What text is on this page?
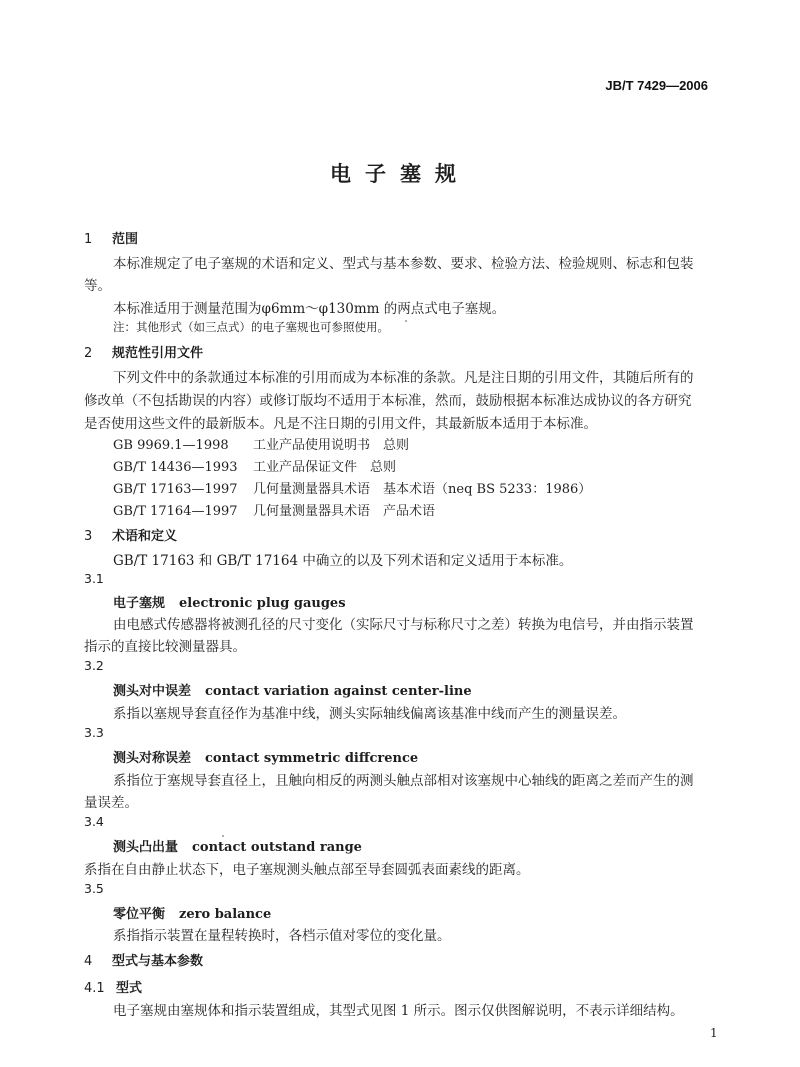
JB/T 7429—2006
电子塞规
1 范围
本标准规定了电子塞规的术语和定义、型式与基本参数、要求、检验方法、检验规则、标志和包装
等。
本标准适用于测量范围为φ6mm～φ130mm 的两点式电子塞规。
注：其他形式（如三点式）的电子塞规也可参照使用。
2 规范性引用文件
下列文件中的条款通过本标准的引用而成为本标准的条款。凡是注日期的引用文件，其随后所有的
修改单（不包括勘误的内容）或修订版均不适用于本标准，然而，鼓励根据本标准达成协议的各方研究
是否使用这些文件的最新版本。凡是不注日期的引用文件，其最新版本适用于本标准。
GB 9969.1—1998 工业产品使用说明书　总则
GB/T 14436—1993 工业产品保证文件　总则
GB/T 17163—1997 几何量测量器具术语　基本术语（neq BS 5233：1986）
GB/T 17164—1997 几何量测量器具术语　产品术语
3 术语和定义
GB/T 17163 和 GB/T 17164 中确立的以及下列术语和定义适用于本标准。
3.1
电子塞规 electronic plug gauges
由电感式传感器将被测孔径的尺寸变化（实际尺寸与标称尺寸之差）转换为电信号，并由指示装置
指示的直接比较测量器具。
3.2
测头对中误差 contact variation against center-line
系指以塞规导套直径作为基准中线，测头实际轴线偏离该基准中线而产生的测量误差。
3.3
测头对称误差 contact symmetric diffcrence
系指位于塞规导套直径上，且触向相反的两测头触点部相对该塞规中心轴线的距离之差而产生的测
量误差。
3.4
测头凸出量 contact outstand range
系指在自由静止状态下，电子塞规测头触点部至导套圆弧表面素线的距离。
3.5
零位平衡 zero balance
系指指示装置在量程转换时，各档示值对零位的变化量。
4 型式与基本参数
4.1 型式
电子塞规由塞规体和指示装置组成，其型式见图 1 所示。图示仅供图解说明，不表示详细结构。
1
